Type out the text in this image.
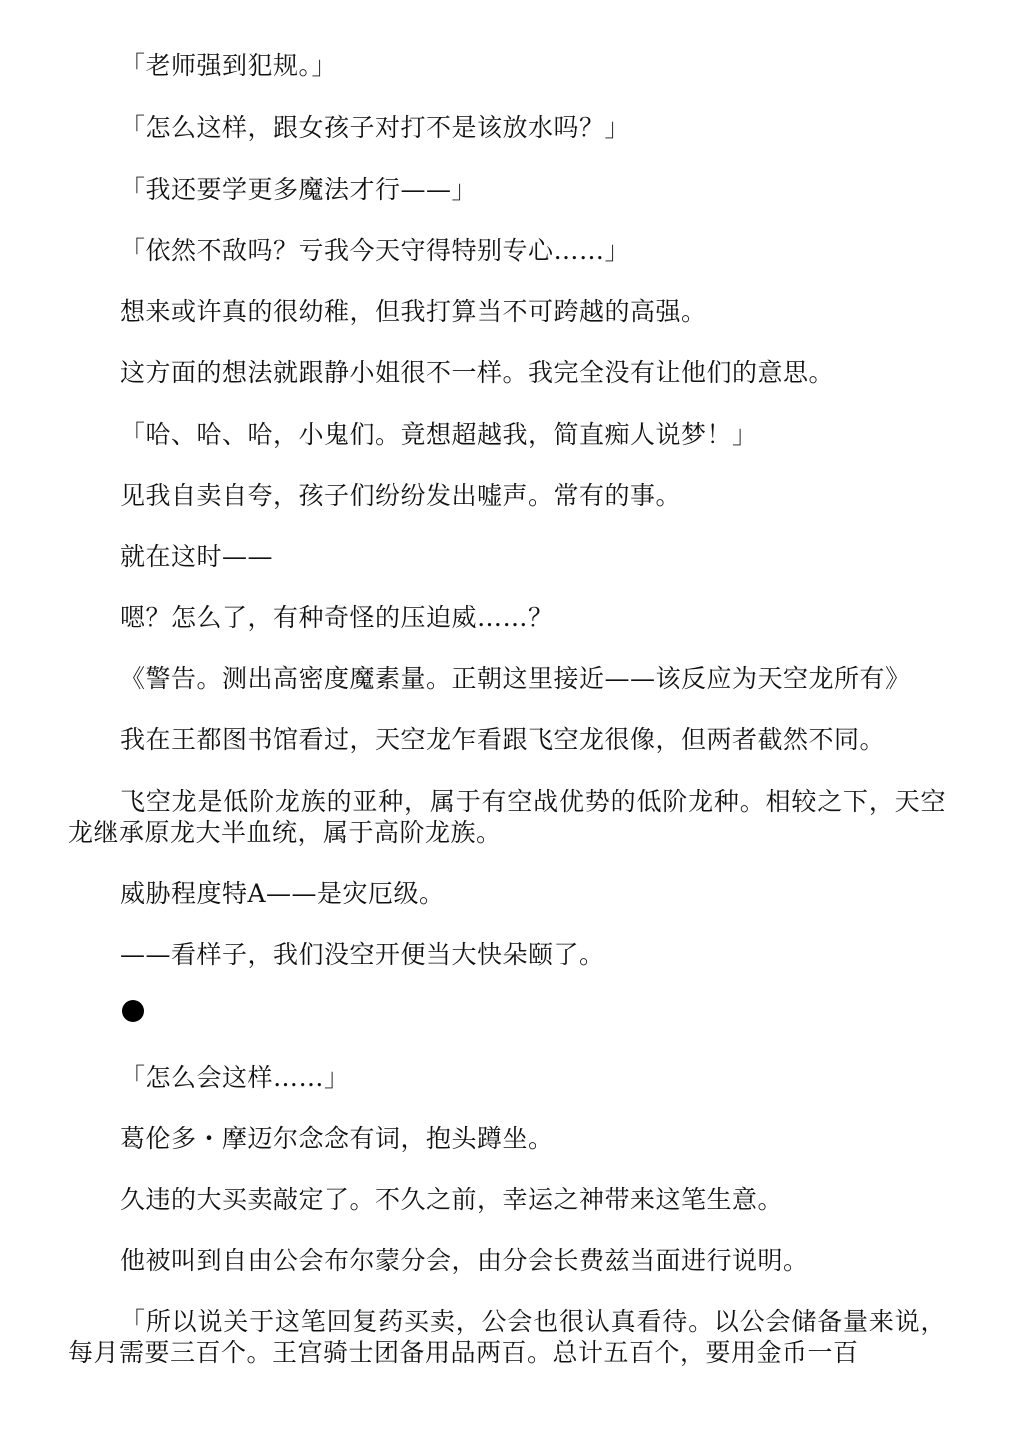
「老师强到犯规。」

「怎么这样，跟女孩子对打不是该放水吗？」

「我还要学更多魔法才行——」

「依然不敌吗？亏我今天守得特别专心……」

想来或许真的很幼稚，但我打算当不可跨越的高强。

这方面的想法就跟静小姐很不一样。我完全没有让他们的意思。

「哈、哈、哈，小鬼们。竟想超越我，简直痴人说梦！」

见我自卖自夸，孩子们纷纷发出嘘声。常有的事。

就在这时——

嗯？怎么了，有种奇怪的压迫威……？

《警告。测出高密度魔素量。正朝这里接近——该反应为天空龙所有》

我在王都图书馆看过，天空龙乍看跟飞空龙很像，但两者截然不同。

飞空龙是低阶龙族的亚种，属于有空战优势的低阶龙种。相较之下，天空龙继承原龙大半血统，属于高阶龙族。

威胁程度特A——是灾厄级。

——看样子，我们没空开便当大快朵颐了。

「怎么会这样……」

葛伦多・摩迈尔念念有词，抱头蹲坐。

久违的大买卖敲定了。不久之前，幸运之神带来这笔生意。

他被叫到自由公会布尔蒙分会，由分会长费兹当面进行说明。

「所以说关于这笔回复药买卖，公会也很认真看待。以公会储备量来说，每月需要三百个。王宫骑士团备用品两百。总计五百个，要用金币一百
